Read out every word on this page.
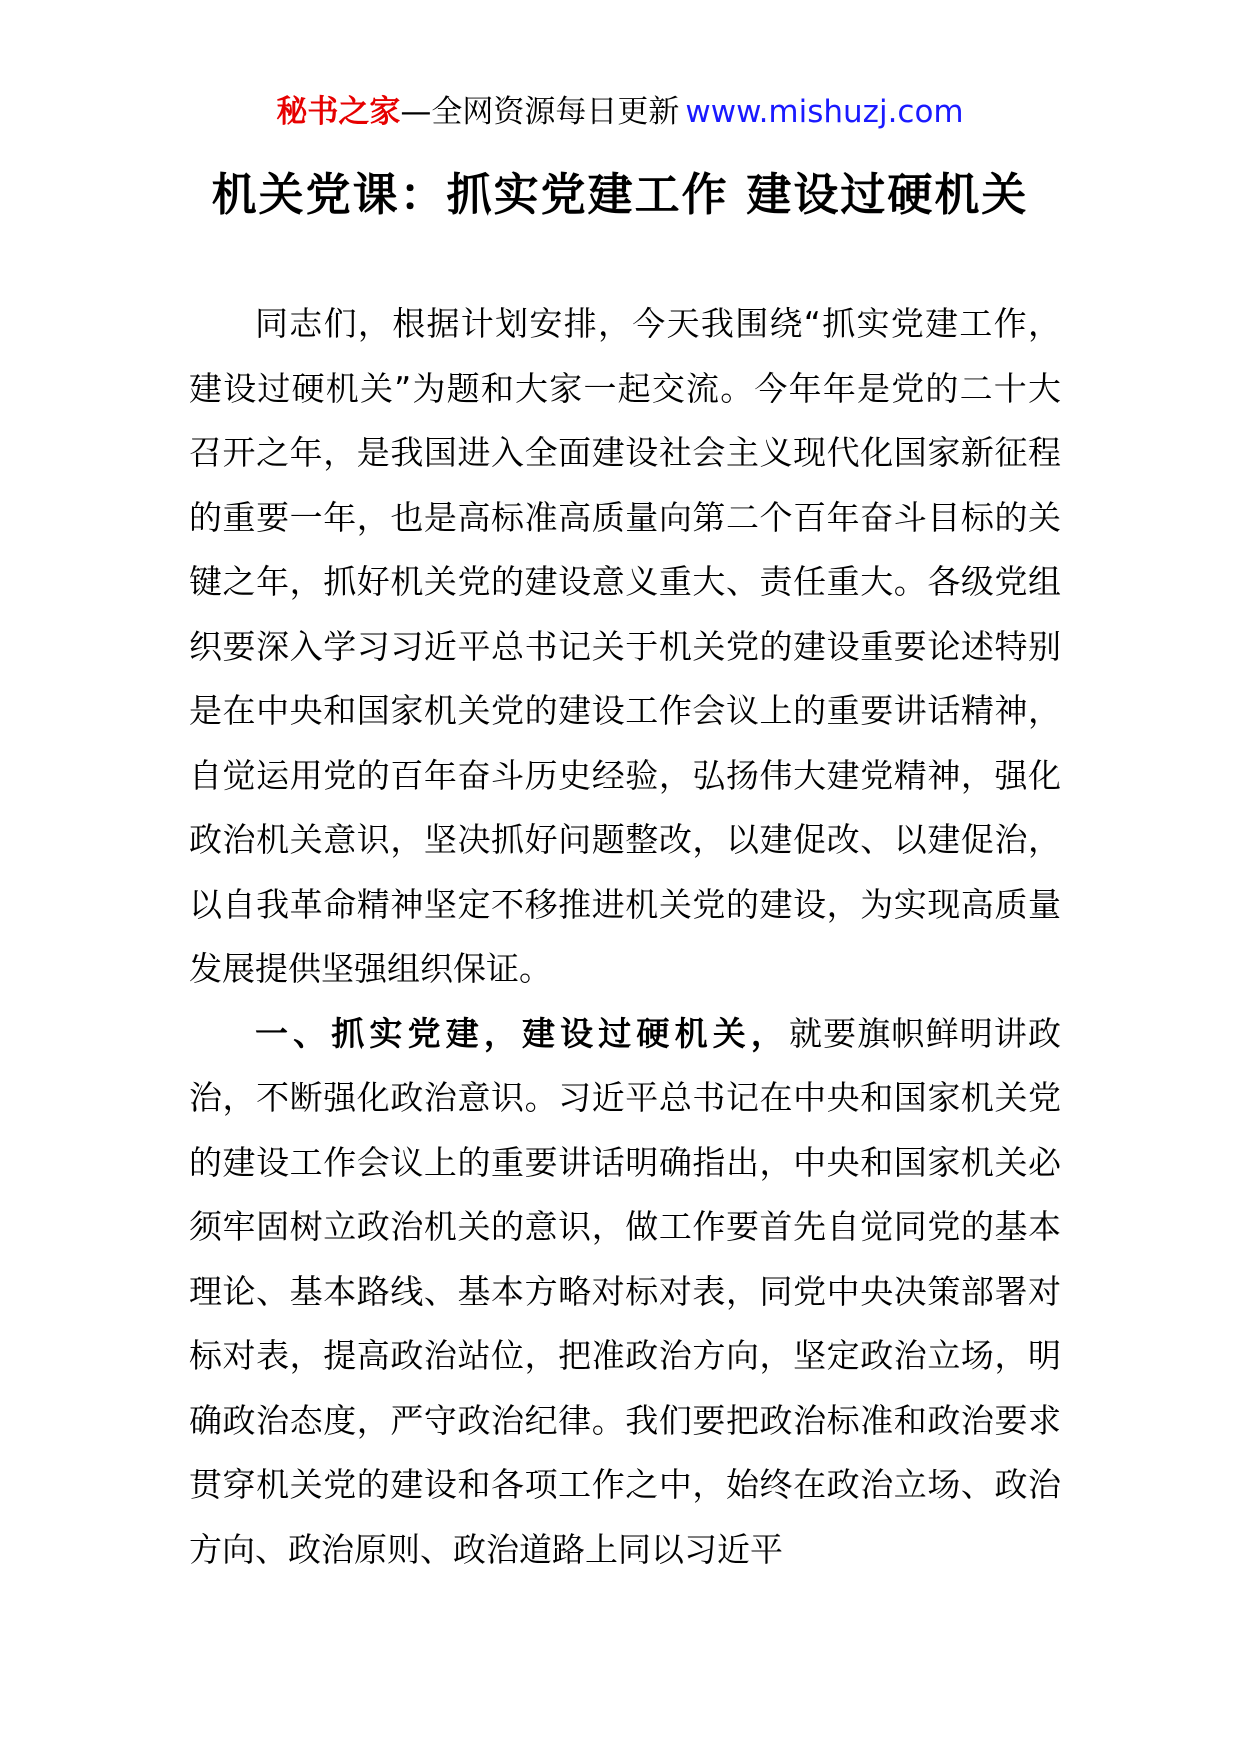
秘书之家—全网资源每日更新 www.mishuzj.com
机关党课：抓实党建工作 建设过硬机关

同志们，根据计划安排，今天我围绕“抓实党建工作，建设过硬机关”为题和大家一起交流。今年年是党的二十大召开之年，是我国进入全面建设社会主义现代化国家新征程的重要一年，也是高标准高质量向第二个百年奋斗目标的关键之年，抓好机关党的建设意义重大、责任重大。各级党组织要深入学习习近平总书记关于机关党的建设重要论述特别是在中央和国家机关党的建设工作会议上的重要讲话精神，自觉运用党的百年奋斗历史经验，弘扬伟大建党精神，强化政治机关意识，坚决抓好问题整改，以建促改、以建促治，以自我革命精神坚定不移推进机关党的建设，为实现高质量发展提供坚强组织保证。

一、抓实党建，建设过硬机关，就要旗帜鲜明讲政治，不断强化政治意识。习近平总书记在中央和国家机关党的建设工作会议上的重要讲话明确指出，中央和国家机关必须牢固树立政治机关的意识，做工作要首先自觉同党的基本理论、基本路线、基本方略对标对表，同党中央决策部署对标对表，提高政治站位，把准政治方向，坚定政治立场，明确政治态度，严守政治纪律。我们要把政治标准和政治要求贯穿机关党的建设和各项工作之中，始终在政治立场、政治方向、政治原则、政治道路上同以习近平
